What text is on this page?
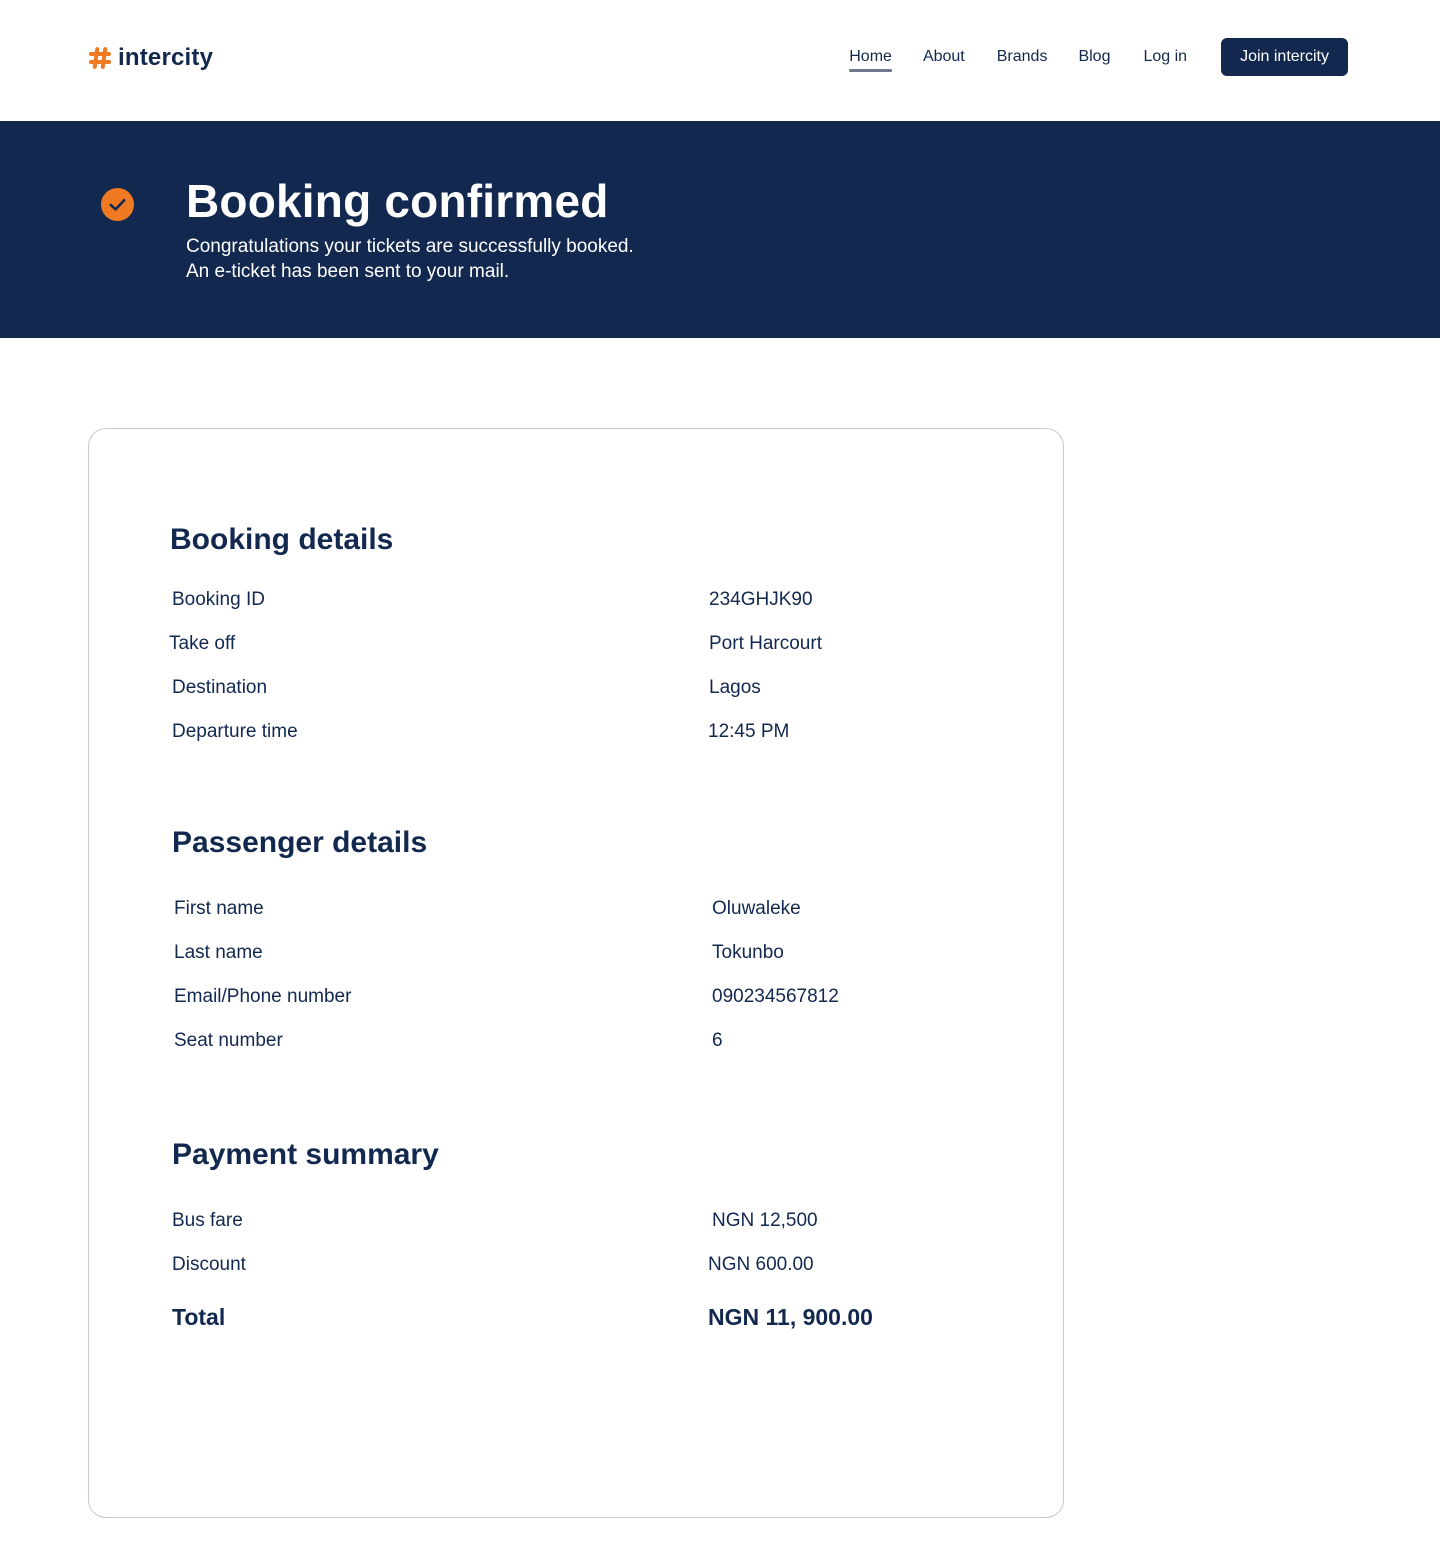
intercity	Home About Brands Blog Log in	Join intercity
Booking confirmed
Congratulations your tickets are successfully booked.
An e-ticket has been sent to your mail.
Booking details
Booking ID	234GHJK90
Take off	Port Harcourt
Destination	Lagos
Departure time	12:45 PM
Passenger details
First name	Oluwaleke
Last name	Tokunbo
Email/Phone number	090234567812
Seat number	6
Payment summary
Bus fare	NGN 12,500
Discount	NGN 600.00
Total	NGN 11, 900.00
